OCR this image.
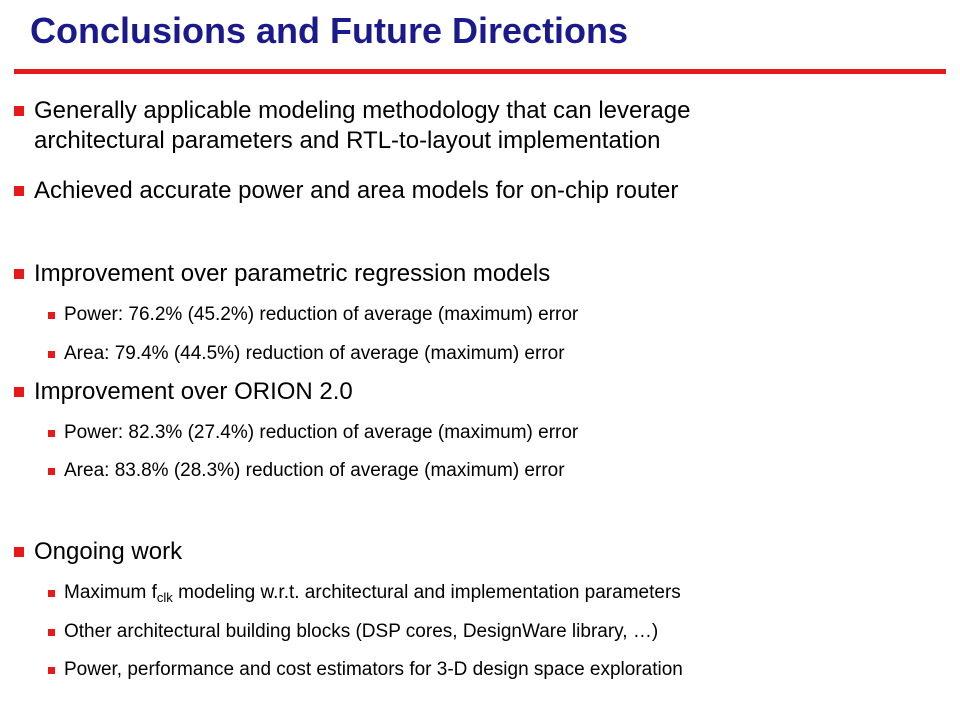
Conclusions and Future Directions
Generally applicable modeling methodology that can leverage
architectural parameters and RTL-to-layout implementation
Achieved accurate power and area models for on-chip router
Improvement over parametric regression models
Power: 76.2% (45.2%) reduction of average (maximum) error
Area: 79.4% (44.5%) reduction of average (maximum) error
Improvement over ORION 2.0
Power: 82.3% (27.4%) reduction of average (maximum) error
Area: 83.8% (28.3%) reduction of average (maximum) error
Ongoing work
Maximum $f_{clk}$ modeling w.r.t. architectural and implementation parameters
Other architectural building blocks (DSP cores, DesignWare library, …)
Power, performance and cost estimators for 3-D design space exploration
